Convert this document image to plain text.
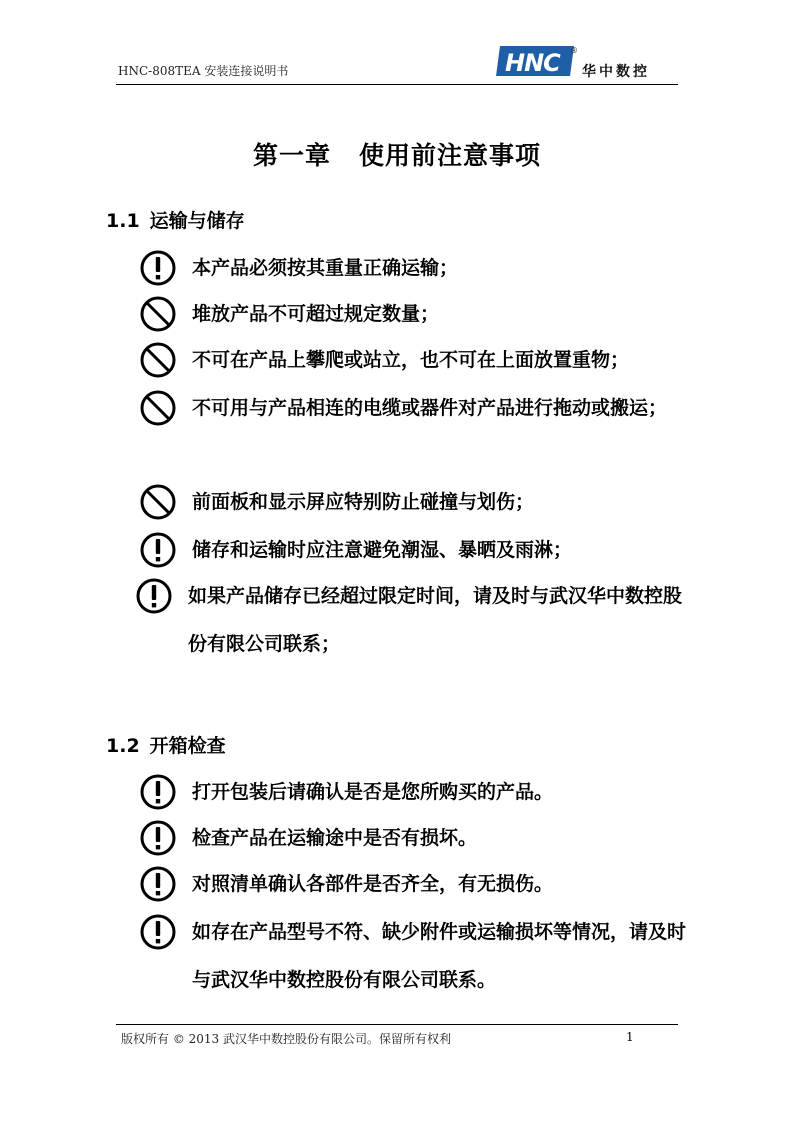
HNC-808TEA 安装连接说明书	HNC ®
华中数控
第一章 使用前注意事项
1.1 运输与储存
本产品必须按其重量正确运输；
堆放产品不可超过规定数量；
不可在产品上攀爬或站立，也不可在上面放置重物；
不可用与产品相连的电缆或器件对产品进行拖动或搬运；
前面板和显示屏应特别防止碰撞与划伤；
储存和运输时应注意避免潮湿、暴晒及雨淋；
如果产品储存已经超过限定时间，请及时与武汉华中数控股份有限公司联系；
1.2 开箱检查
打开包装后请确认是否是您所购买的产品。
检查产品在运输途中是否有损坏。
对照清单确认各部件是否齐全，有无损伤。
如存在产品型号不符、缺少附件或运输损坏等情况，请及时与武汉华中数控股份有限公司联系。
版权所有 © 2013 武汉华中数控股份有限公司。保留所有权利	1
